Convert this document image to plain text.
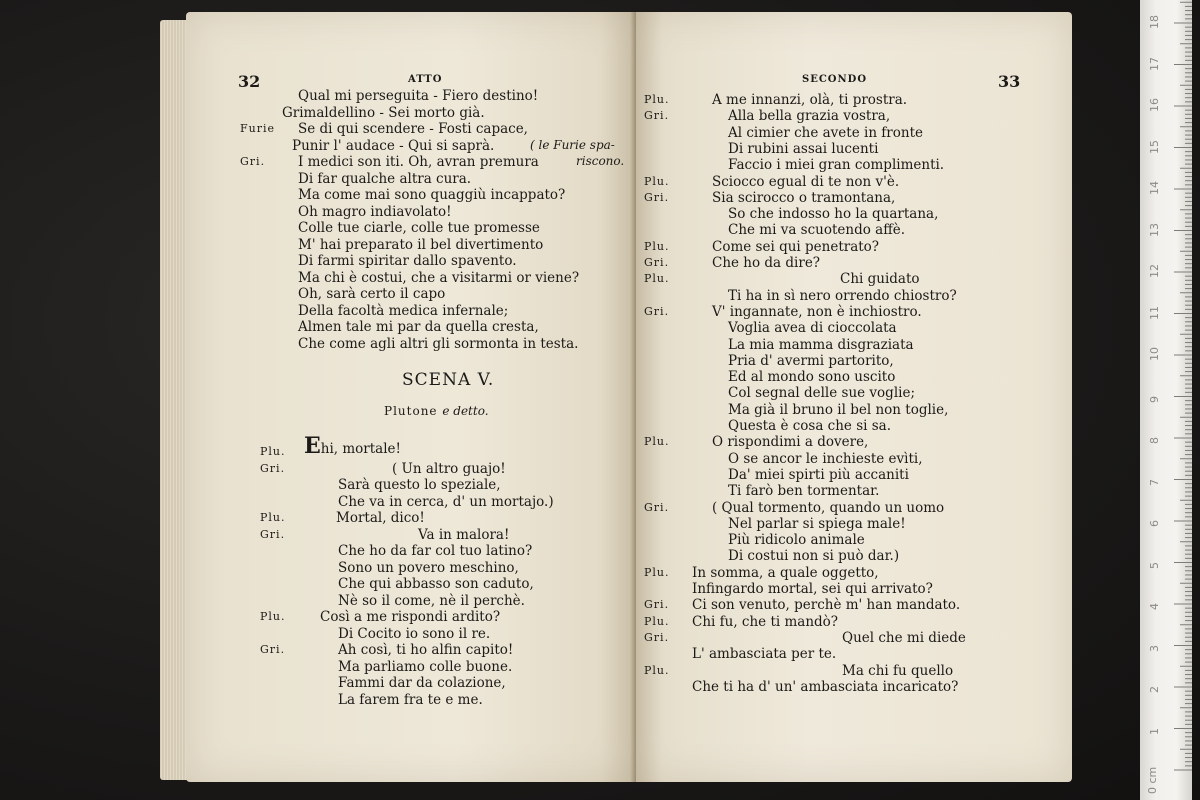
32	ATTO
Qual mi perseguita - Fiero destino!
Grimaldellino - Sei morto già.
Furie Se di qui scendere - Fosti capace,
Punir l' audace - Qui si saprà.
Gri. I medici son iti. Oh, avran premura
Di far qualche altra cura.
Ma come mai sono quaggiù incappato?
Oh magro indiavolato!
Colle tue ciarle, colle tue promesse
M' hai preparato il bel divertimento
Di farmi spiritar dallo spavento.
Ma chi è costui, che a visitarmi or viene?
Oh, sarà certo il capo
Della facoltà medica infernale;
Almen tale mi par da quella cresta,
Che come agli altri gli sormonta in testa.
( le Furie spa-
riscono.
SCENA V.
Plutone e detto.
Plu. Ehi, mortale!
Gri.	( Un altro guajo!
Sarà questo lo speziale,
Che va in cerca, d' un mortajo.)
Plu.	Mortal, dico!
Gri.	Va in malora!
Che ho da far col tuo latino?
Sono un povero meschino,
Che qui abbasso son caduto,
Nè so il come, nè il perchè.
Plu.	Così a me rispondi ardito?
Di Cocito io sono il re.
Gri.	Ah così, ti ho alfin capito!
Ma parliamo colle buone.
Fammi dar da colazione,
La farem fra te e me.
SECONDO	33
Plu.	A me innanzi, olà, ti prostra.
Gri.	Alla bella grazia vostra,
Al cimier che avete in fronte
Di rubini assai lucenti
Faccio i miei gran complimenti.
Plu.	Sciocco egual di te non v'è.
Gri.	Sia scirocco o tramontana,
So che indosso ho la quartana,
Che mi va scuotendo affè.
Plu.	Come sei qui penetrato?
Gri.	Che ho da dire?
Plu.	Chi guidato
Ti ha in sì nero orrendo chiostro?
Gri.	V' ingannate, non è inchiostro.
Voglia avea di cioccolata
La mia mamma disgraziata
Pria d' avermi partorito,
Ed al mondo sono uscito
Col segnal delle sue voglie;
Ma già il bruno il bel non toglie,
Questa è cosa che si sa.
Plu.	O rispondimi a dovere,
O se ancor le inchieste evìti,
Da' miei spirti più accaniti
Ti farò ben tormentar.
Gri.	( Qual tormento, quando un uomo
Nel parlar si spiega male!
Più ridicolo animale
Di costui non si può dar.)
Plu. In somma, a quale oggetto,
Infingardo mortal, sei qui arrivato?
Gri. Ci son venuto, perchè m' han mandato.
Plu. Chi fu, che ti mandò?
Gri.	Quel che mi diede
L' ambasciata per te.
Plu.	Ma chi fu quello
Che ti ha d' un' ambasciata incaricato?
0 cm
1
2
3
4
5
6
7
8
9
10
11
12
13
14
15
16
17
18
